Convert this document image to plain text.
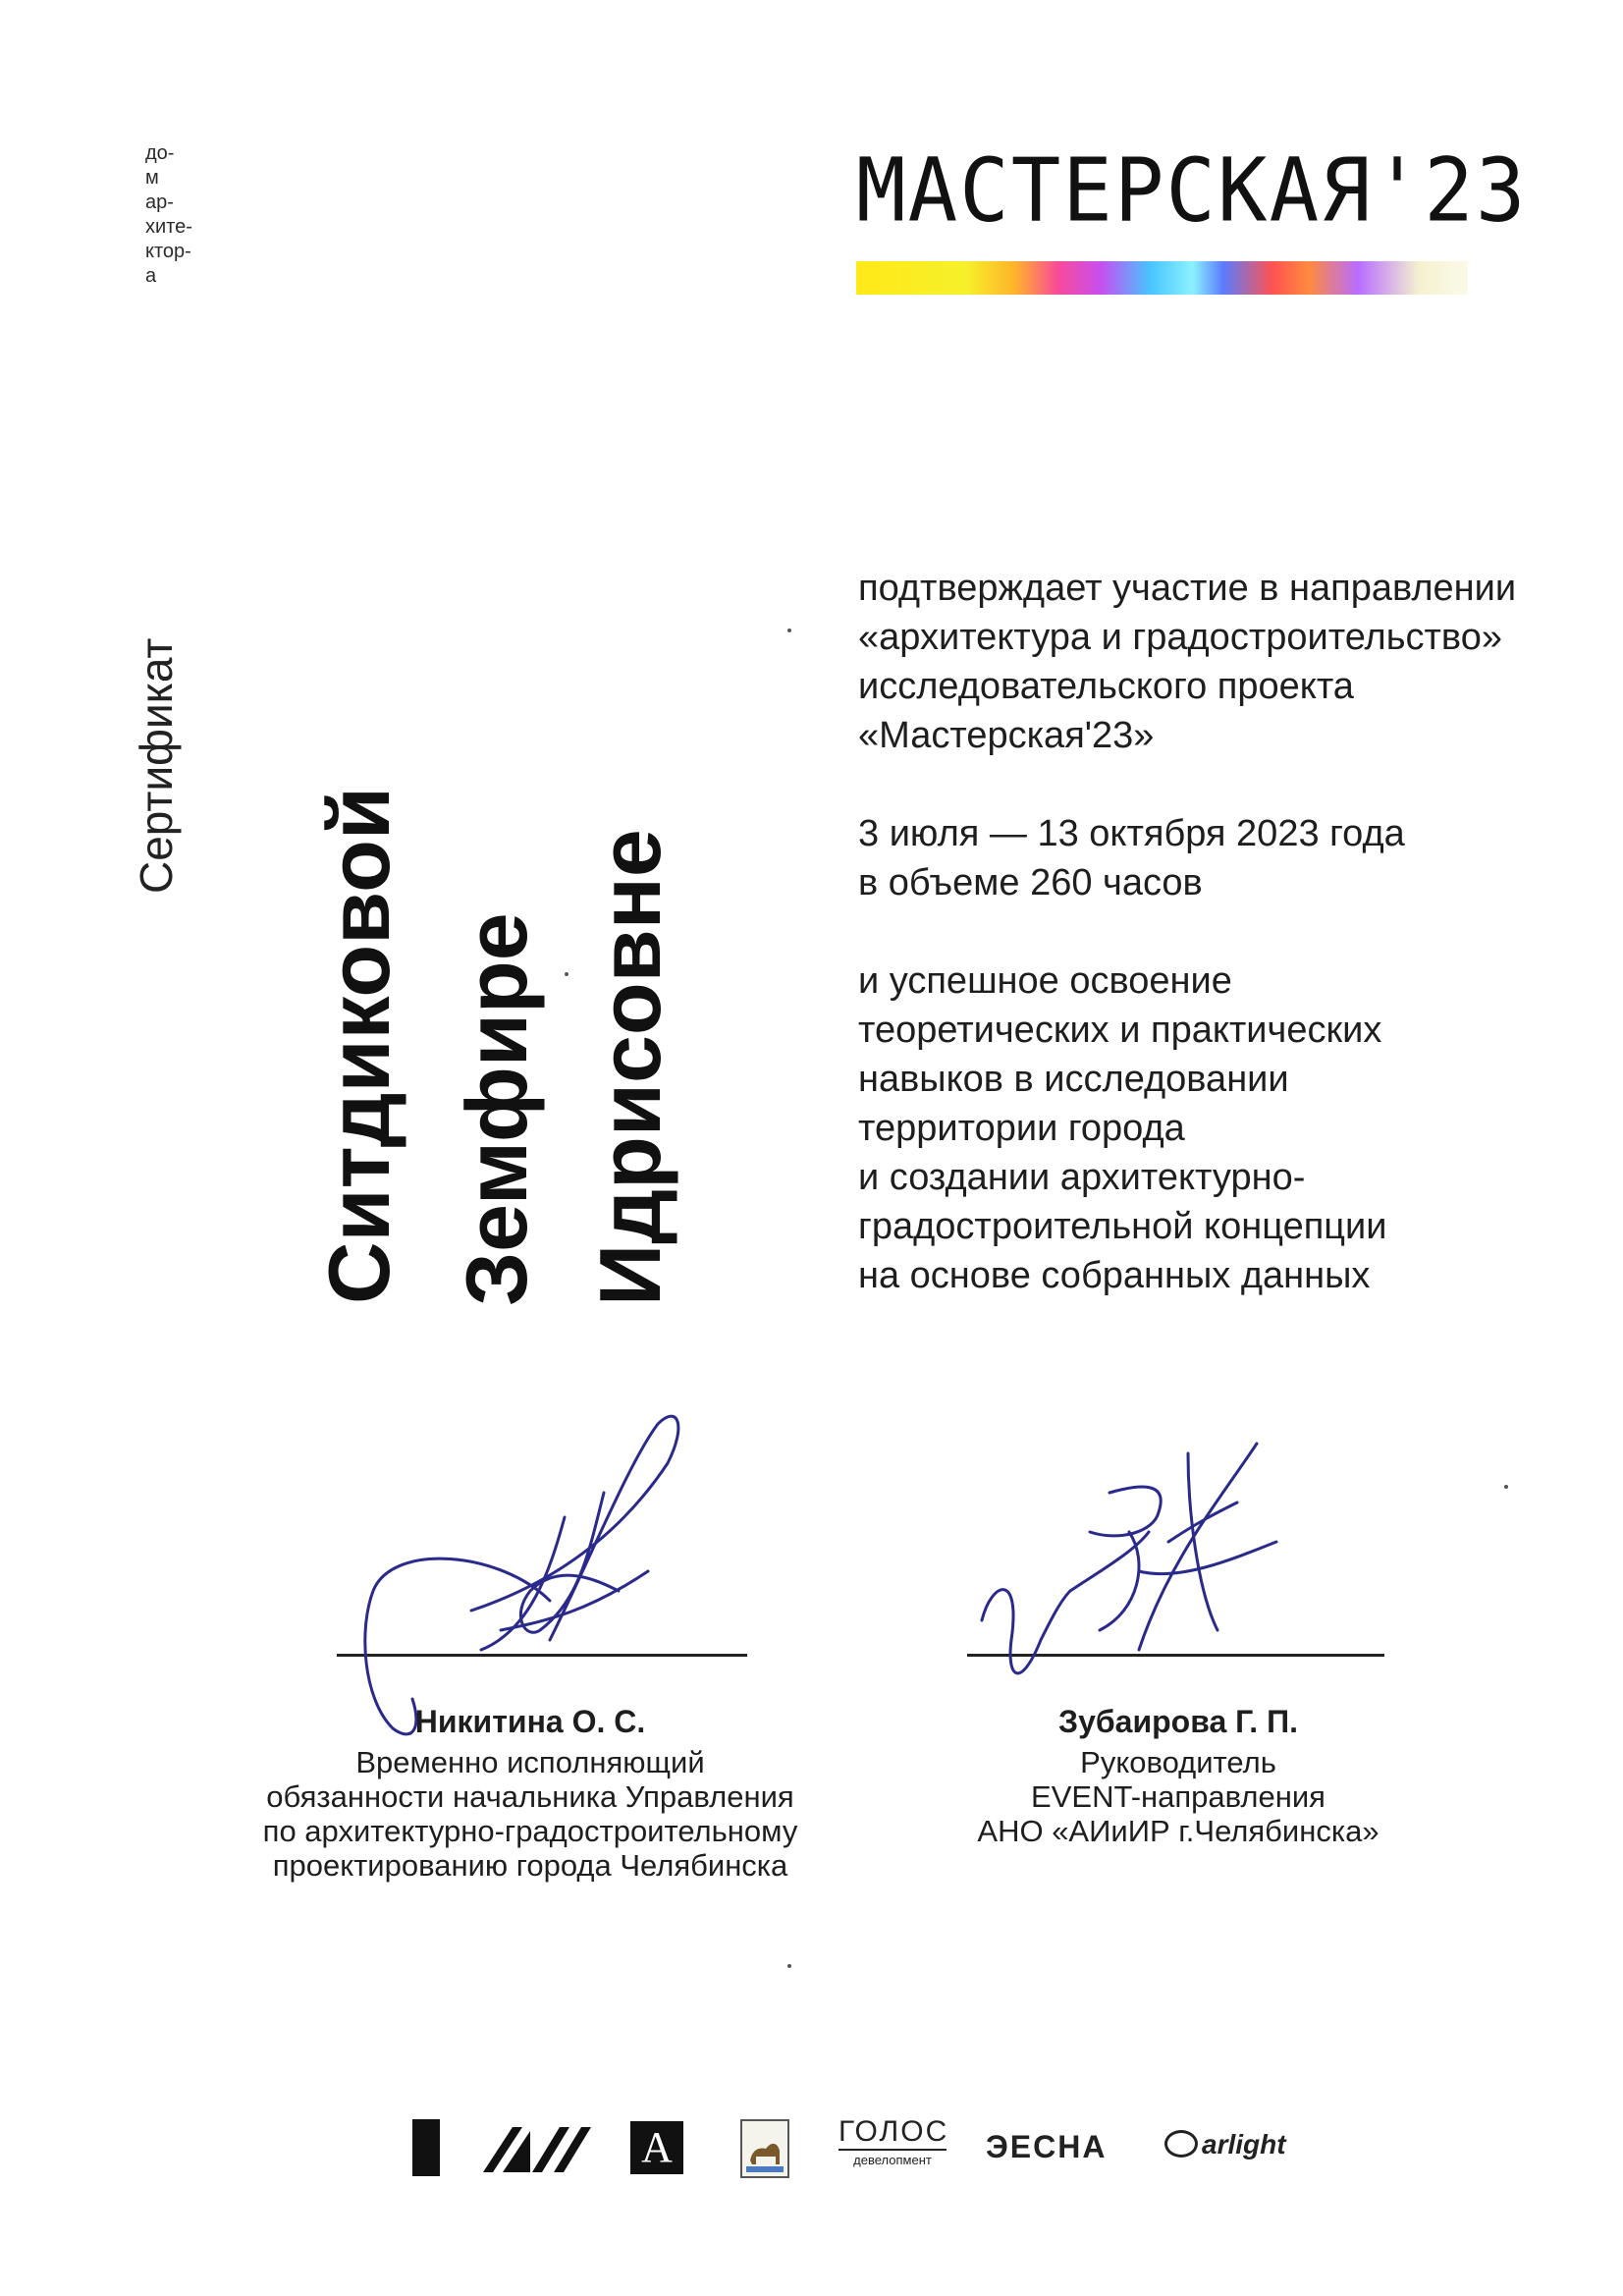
до-
м
ар-
хите-
ктор-
а
МАСТЕРСКАЯ'23
Сертификат
Ситдиковой Земфире Идрисовне

подтверждает участие в направлении

«архитектура и градостроительство»

исследовательского проекта

«Мастерская'23»

3 июля — 13 октября 2023 года

в объеме 260 часов

и успешное освоение

теоретических и практических

навыков в исследовании

территории города

и создании архитектурно-

градостроительной концепции

на основе собранных данных

Никитина О. С.

Временно исполняющий

обязанности начальника Управления

по архитектурно-градостроительному

проектированию города Челябинска

Зубаирова Г. П.

Руководитель

EVENT-направления

АНО «АИиИР г.Челябинска»

A	ГОЛОС
девелопмент	ЭЕСНА	arlight
